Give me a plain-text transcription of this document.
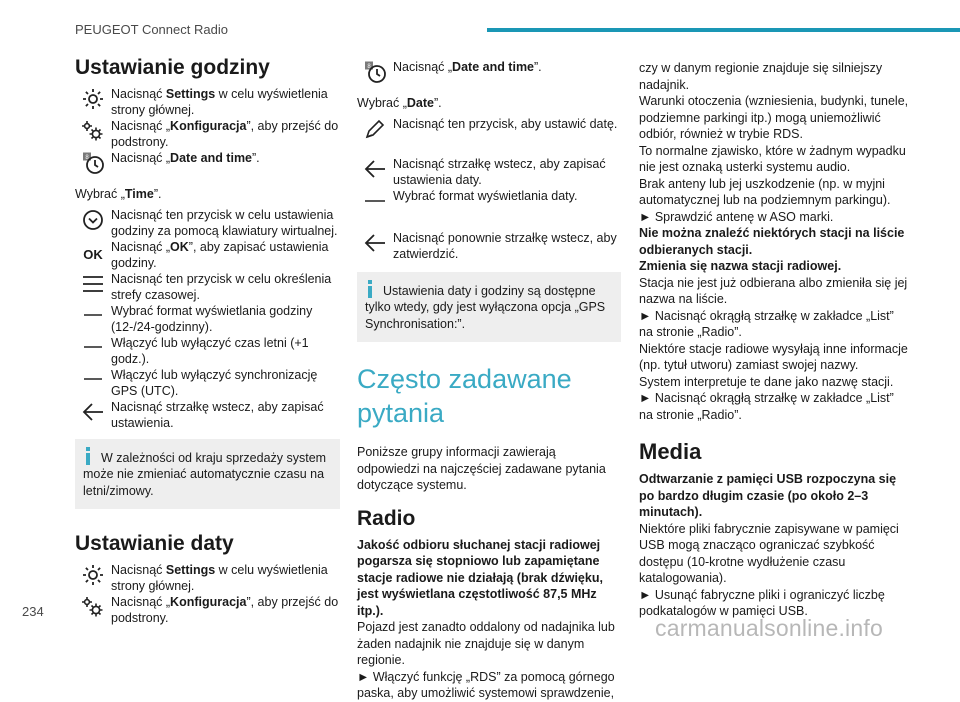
PEUGEOT Connect Radio
Ustawianie godziny
Nacisnąć Settings w celu wyświetlenia strony głównej.
Nacisnąć „Konfiguracja”, aby przejść do podstrony.
8 Nacisnąć „Date and time”.
Wybrać „Time”.
Nacisnąć ten przycisk w celu ustawienia godziny za pomocą klawiatury wirtualnej.
OK Nacisnąć „OK”, aby zapisać ustawienia godziny.
Nacisnąć ten przycisk w celu określenia strefy czasowej.
Wybrać format wyświetlania godziny (12-/24-godzinny).
Włączyć lub wyłączyć czas letni (+1 godz.).
Włączyć lub wyłączyć synchronizację GPS (UTC).
Nacisnąć strzałkę wstecz, aby zapisać ustawienia.
W zależności od kraju sprzedaży system może nie zmieniać automatycznie czasu na letni/zimowy.
Ustawianie daty
Nacisnąć Settings w celu wyświetlenia strony głównej.
Nacisnąć „Konfiguracja”, aby przejść do podstrony.
8 Nacisnąć „Date and time”.
Wybrać „Date”.
Nacisnąć ten przycisk, aby ustawić datę.
Nacisnąć strzałkę wstecz, aby zapisać ustawienia daty.
Wybrać format wyświetlania daty.
Nacisnąć ponownie strzałkę wstecz, aby zatwierdzić.
Ustawienia daty i godziny są dostępne tylko wtedy, gdy jest wyłączona opcja „GPS Synchronisation:”.
Często zadawane pytania
Poniższe grupy informacji zawierają odpowiedzi na najczęściej zadawane pytania dotyczące systemu.
Radio
Jakość odbioru słuchanej stacji radiowej pogarsza się stopniowo lub zapamiętane stacje radiowe nie działają (brak dźwięku, jest wyświetlana częstotliwość 87,5 MHz itp.).
Pojazd jest zanadto oddalony od nadajnika lub żaden nadajnik nie znajduje się w danym regionie.
► Włączyć funkcję „RDS” za pomocą górnego paska, aby umożliwić systemowi sprawdzenie,
czy w danym regionie znajduje się silniejszy nadajnik.
Warunki otoczenia (wzniesienia, budynki, tunele, podziemne parkingi itp.) mogą uniemożliwić odbiór, również w trybie RDS.
To normalne zjawisko, które w żadnym wypadku nie jest oznaką usterki systemu audio.
Brak anteny lub jej uszkodzenie (np. w myjni automatycznej lub na podziemnym parkingu).
► Sprawdzić antenę w ASO marki.
Nie można znaleźć niektórych stacji na liście odbieranych stacji.
Zmienia się nazwa stacji radiowej.
Stacja nie jest już odbierana albo zmieniła się jej nazwa na liście.
► Nacisnąć okrągłą strzałkę w zakładce „List” na stronie „Radio”.
Niektóre stacje radiowe wysyłają inne informacje (np. tytuł utworu) zamiast swojej nazwy.
System interpretuje te dane jako nazwę stacji.
► Nacisnąć okrągłą strzałkę w zakładce „List” na stronie „Radio”.
Media
Odtwarzanie z pamięci USB rozpoczyna się po bardzo długim czasie (po około 2–3 minutach).
Niektóre pliki fabrycznie zapisywane w pamięci USB mogą znacząco ograniczać szybkość dostępu (10-krotne wydłużenie czasu katalogowania).
► Usunąć fabryczne pliki i ograniczyć liczbę podkatalogów w pamięci USB.
234
carmanualsonline.info
